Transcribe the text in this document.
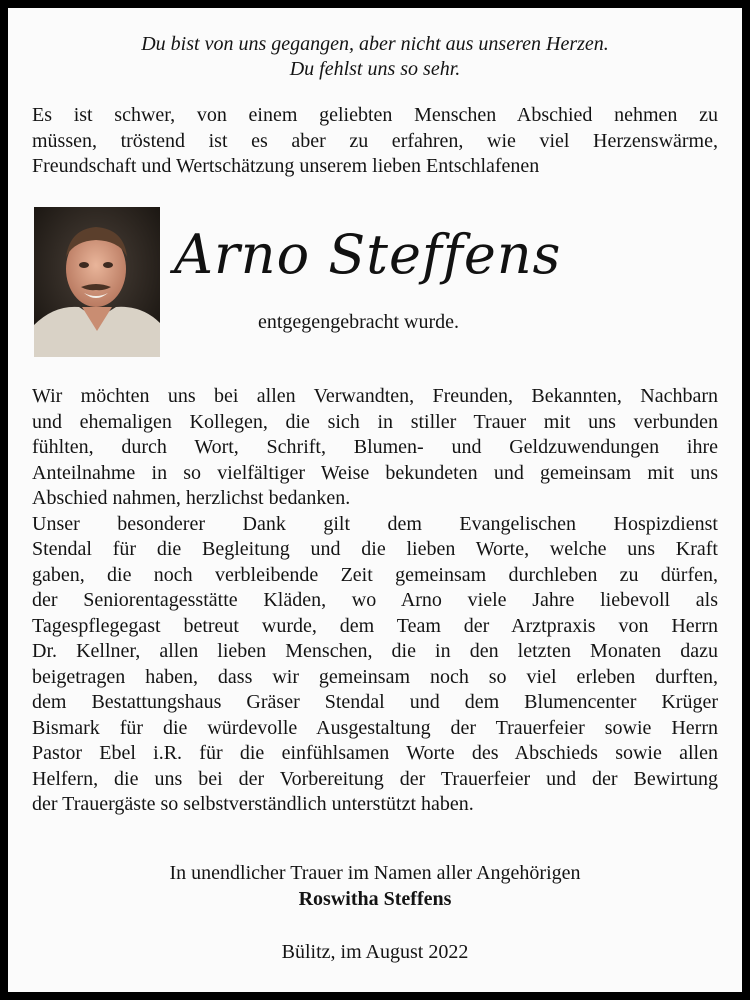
Du bist von uns gegangen, aber nicht aus unseren Herzen.
Du fehlst uns so sehr.
Es ist schwer, von einem geliebten Menschen Abschied nehmen zu
müssen, tröstend ist es aber zu erfahren, wie viel Herzenswärme,
Freundschaft und Wertschätzung unserem lieben Entschlafenen
Arno Steffens
entgegengebracht wurde.

Wir möchten uns bei allen Verwandten, Freunden, Bekannten, Nachbarn
und ehemaligen Kollegen, die sich in stiller Trauer mit uns verbunden
fühlten, durch Wort, Schrift, Blumen- und Geldzuwendungen ihre
Anteilnahme in so vielfältiger Weise bekundeten und gemeinsam mit uns
Abschied nahmen, herzlichst bedanken.

Unser besonderer Dank gilt dem Evangelischen Hospizdienst
Stendal für die Begleitung und die lieben Worte, welche uns Kraft
gaben, die noch verbleibende Zeit gemeinsam durchleben zu dürfen,
der Seniorentagesstätte Kläden, wo Arno viele Jahre liebevoll als
Tagespflegegast betreut wurde, dem Team der Arztpraxis von Herrn
Dr. Kellner, allen lieben Menschen, die in den letzten Monaten dazu
beigetragen haben, dass wir gemeinsam noch so viel erleben durften,
dem Bestattungshaus Gräser Stendal und dem Blumencenter Krüger
Bismark für die würdevolle Ausgestaltung der Trauerfeier sowie Herrn
Pastor Ebel i.R. für die einfühlsamen Worte des Abschieds sowie allen
Helfern, die uns bei der Vorbereitung der Trauerfeier und der Bewirtung
der Trauergäste so selbstverständlich unterstützt haben.

In unendlicher Trauer im Namen aller Angehörigen
Roswitha Steffens
Bülitz, im August 2022
